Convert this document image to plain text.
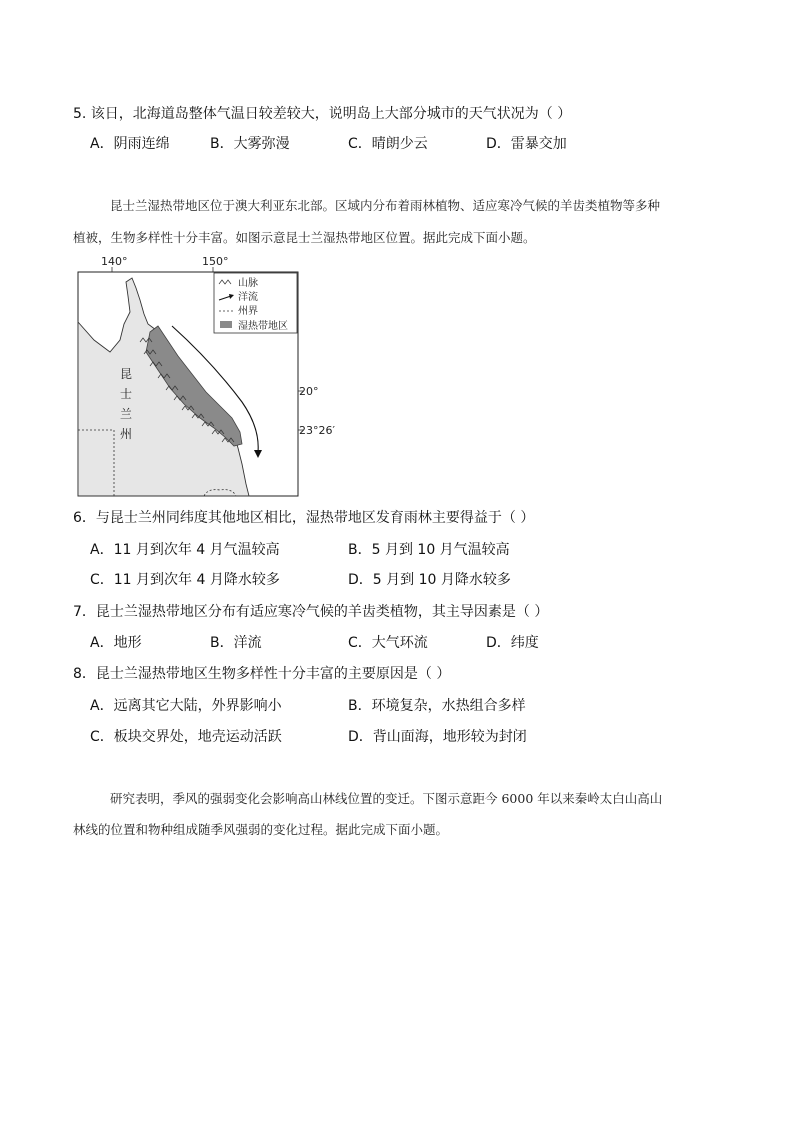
5. 该日，北海道岛整体气温日较差较大，说明岛上大部分城市的天气状况为（ ）
A．阴雨连绵	B．大雾弥漫	C．晴朗少云	D．雷暴交加
昆士兰湿热带地区位于澳大利亚东北部。区域内分布着雨林植物、适应寒冷气候的羊齿类植物等多种
植被，生物多样性十分丰富。如图示意昆士兰湿热带地区位置。据此完成下面小题。
140°	150°
昆
士
兰
州
20°
23°26′
山脉
洋流
州界
湿热带地区
6．与昆士兰州同纬度其他地区相比，湿热带地区发育雨林主要得益于（ ）
A．11 月到次年 4 月气温较高	B．5 月到 10 月气温较高
C．11 月到次年 4 月降水较多	D．5 月到 10 月降水较多
7．昆士兰湿热带地区分布有适应寒冷气候的羊齿类植物，其主导因素是（ ）
A．地形	B．洋流	C．大气环流	D．纬度
8．昆士兰湿热带地区生物多样性十分丰富的主要原因是（ ）
A．远离其它大陆，外界影响小	B．环境复杂，水热组合多样
C．板块交界处，地壳运动活跃	D．背山面海，地形较为封闭
研究表明，季风的强弱变化会影响高山林线位置的变迁。下图示意距今 6000 年以来秦岭太白山高山
林线的位置和物种组成随季风强弱的变化过程。据此完成下面小题。
